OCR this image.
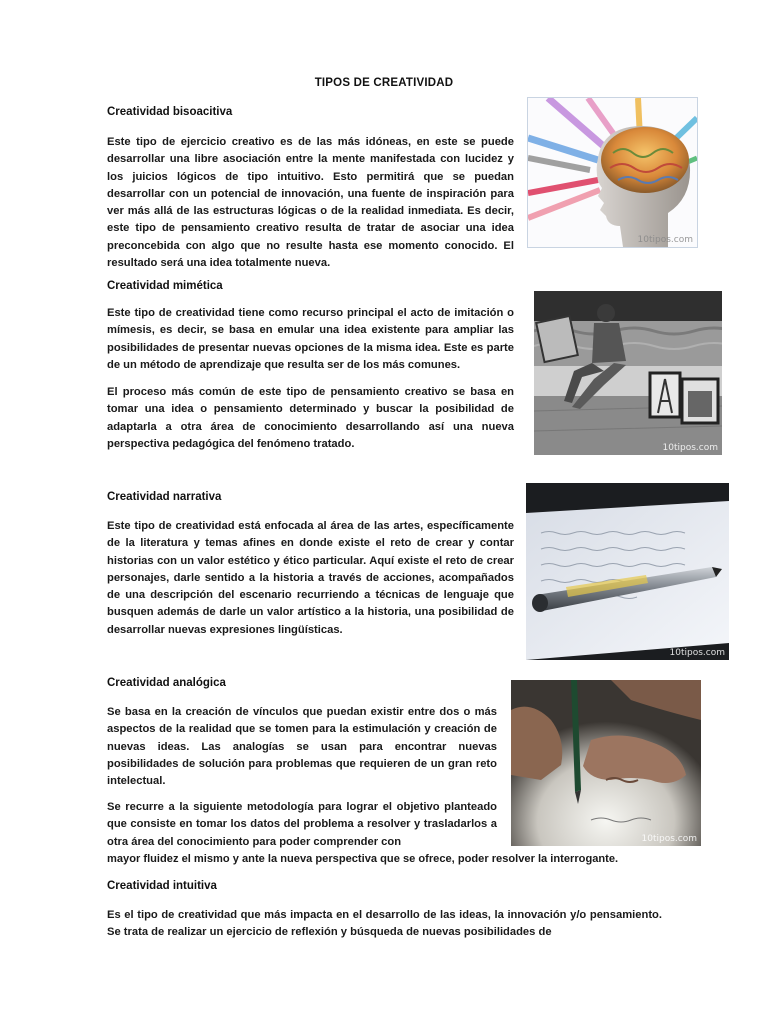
TIPOS DE CREATIVIDAD
Creatividad bisoacitiva
Este tipo de ejercicio creativo es de las más idóneas, en este se puede desarrollar una libre asociación entre la mente manifestada con lucidez y los juicios lógicos de tipo intuitivo. Esto permitirá que se puedan desarrollar con un potencial de innovación, una fuente de inspiración para ver más allá de las estructuras lógicas o de la realidad inmediata. Es decir, este tipo de pensamiento creativo resulta de tratar de asociar una idea preconcebida con algo que no resulte hasta ese momento conocido. El resultado será una idea totalmente nueva.
10tipos.com
Creatividad mimética
Este tipo de creatividad tiene como recurso principal el acto de imitación o mímesis, es decir, se basa en emular una idea existente para ampliar las posibilidades de presentar nuevas opciones de la misma idea. Este es parte de un método de aprendizaje que resulta ser de los más comunes.
El proceso más común de este tipo de pensamiento creativo se basa en tomar una idea o pensamiento determinado y buscar la posibilidad de adaptarla a otra área de conocimiento desarrollando así una nueva perspectiva pedagógica del fenómeno tratado.	10tipos.com
Creatividad narrativa
Este tipo de creatividad está enfocada al área de las artes, específicamente de la literatura y temas afines en donde existe el reto de crear y contar historias con un valor estético y ético particular. Aquí existe el reto de crear personajes, darle sentido a la historia a través de acciones, acompañados de una descripción del escenario recurriendo a técnicas de lenguaje que busquen además de darle un valor artístico a la historia, una posibilidad de desarrollar nuevas expresiones lingüísticas.
10tipos.com
Creatividad analógica
Se basa en la creación de vínculos que puedan existir entre dos o más aspectos de la realidad que se tomen para la estimulación y creación de nuevas ideas. Las analogías se usan para encontrar nuevas posibilidades de solución para problemas que requieren de un gran reto intelectual.
Se recurre a la siguiente metodología para lograr el objetivo planteado que consiste en tomar los datos del problema a resolver y trasladarlos a otra área del conocimiento para poder comprender con
mayor fluidez el mismo y ante la nueva perspectiva que se ofrece, poder resolver la interrogante.
10tipos.com
Creatividad intuitiva
Es el tipo de creatividad que más impacta en el desarrollo de las ideas, la innovación y/o pensamiento. Se trata de realizar un ejercicio de reflexión y búsqueda de nuevas posibilidades de
